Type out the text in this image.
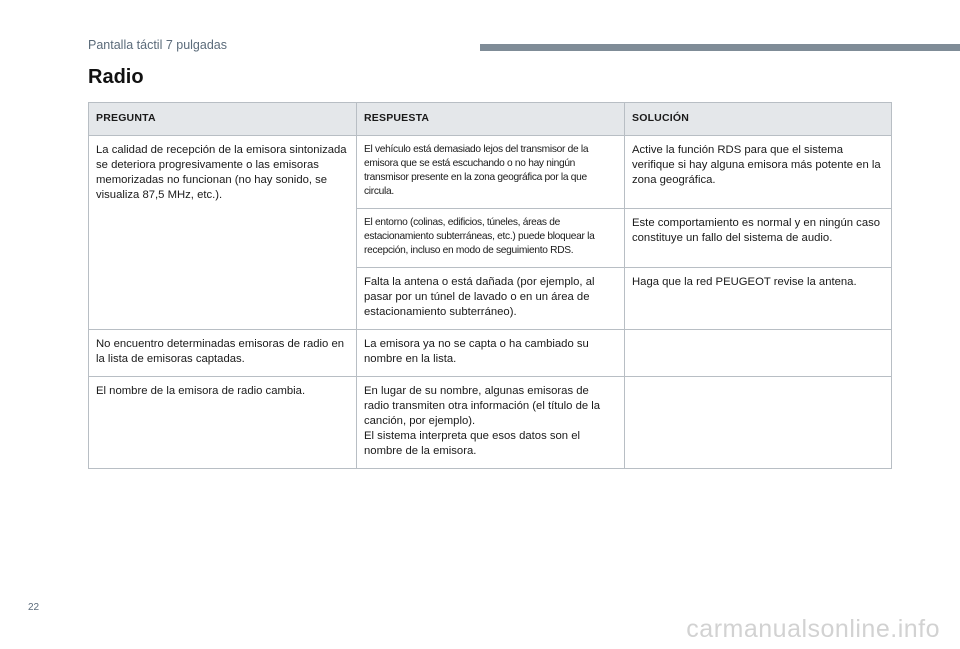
Pantalla táctil 7 pulgadas
Radio
PREGUNTA	RESPUESTA	SOLUCIÓN

La calidad de recepción de la emisora sintonizada se deteriora progresivamente o las emisoras memorizadas no funcionan (no hay sonido, se visualiza 87,5 MHz, etc.).	El vehículo está demasiado lejos del transmisor de la emisora que se está escuchando o no hay ningún transmisor presente en la zona geográfica por la que circula.	Active la función RDS para que el sistema verifique si hay alguna emisora más potente en la zona geográfica.

	El entorno (colinas, edificios, túneles, áreas de estacionamiento subterráneas, etc.) puede bloquear la recepción, incluso en modo de seguimiento RDS.	Este comportamiento es normal y en ningún caso constituye un fallo del sistema de audio.

	Falta la antena o está dañada (por ejemplo, al pasar por un túnel de lavado o en un área de estacionamiento subterráneo).	Haga que la red PEUGEOT revise la antena.

No encuentro determinadas emisoras de radio en la lista de emisoras captadas.	La emisora ya no se capta o ha cambiado su nombre en la lista.	

El nombre de la emisora de radio cambia.	En lugar de su nombre, algunas emisoras de radio transmiten otra información (el título de la canción, por ejemplo).
El sistema interpreta que esos datos son el nombre de la emisora.	

22
carmanualsonline.info
